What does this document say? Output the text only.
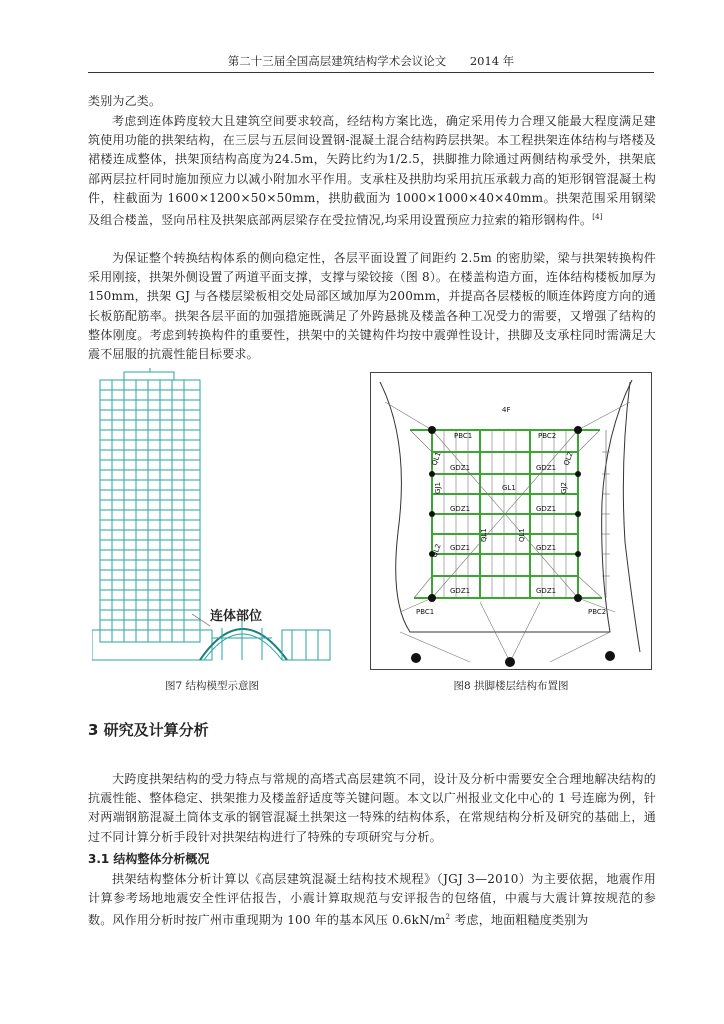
第二十三届全国高层建筑结构学术会议论文 2014 年
类别为乙类。
考虑到连体跨度较大且建筑空间要求较高，经结构方案比选，确定采用传力合理又能最大程度满足建筑使用功能的拱架结构，在三层与五层间设置钢-混凝土混合结构跨层拱架。本工程拱架连体结构与塔楼及裙楼连成整体，拱架顶结构高度为24.5m，矢跨比约为1/2.5，拱脚推力除通过两侧结构承受外，拱架底部两层拉杆同时施加预应力以减小附加水平作用。支承柱及拱肋均采用抗压承载力高的矩形钢管混凝土构件，柱截面为 1600×1200×50×50mm，拱肋截面为 1000×1000×40×40mm。拱架范围采用钢梁及组合楼盖，竖向吊柱及拱架底部两层梁存在受拉情况,均采用设置预应力拉索的箱形钢构件。[4]
为保证整个转换结构体系的侧向稳定性，各层平面设置了间距约 2.5m 的密肋梁，梁与拱架转换构件采用刚接，拱架外侧设置了两道平面支撑，支撑与梁铰接（图 8）。在楼盖构造方面，连体结构楼板加厚为150mm，拱架 GJ 与各楼层梁板相交处局部区域加厚为200mm，并提高各层楼板的顺连体跨度方向的通长板筋配筋率。拱架各层平面的加强措施既满足了外跨悬挑及楼盖各种工况受力的需要，又增强了结构的整体刚度。考虑到转换构件的重要性，拱架中的关键构件均按中震弹性设计，拱脚及支承柱同时需满足大震不屈服的抗震性能目标要求。
连体部位
图7 结构模型示意图
4F
PBC1	PBC2
GDZ1	GDZ1
GDZ1	GDZ1
GDZ1	GDZ1
GDZ1	GDZ1
GL1
GJ1	GJ2
QL1
QL1	QL1
QL2
QL2
PBC1	PBC2
图8 拱脚楼层结构布置图
3 研究及计算分析
大跨度拱架结构的受力特点与常规的高塔式高层建筑不同，设计及分析中需要安全合理地解决结构的抗震性能、整体稳定、拱架推力及楼盖舒适度等关键问题。本文以广州报业文化中心的 1 号连廊为例，针对两端钢筋混凝土筒体支承的钢管混凝土拱架这一特殊的结构体系，在常规结构分析及研究的基础上，通过不同计算分析手段针对拱架结构进行了特殊的专项研究与分析。
3.1 结构整体分析概况
拱架结构整体分析计算以《高层建筑混凝土结构技术规程》（JGJ 3—2010）为主要依据，地震作用计算参考场地地震安全性评估报告，小震计算取规范与安评报告的包络值，中震与大震计算按规范的参数。风作用分析时按广州市重现期为 100 年的基本风压 $0.6kN/m^2$ 考虑，地面粗糙度类别为
